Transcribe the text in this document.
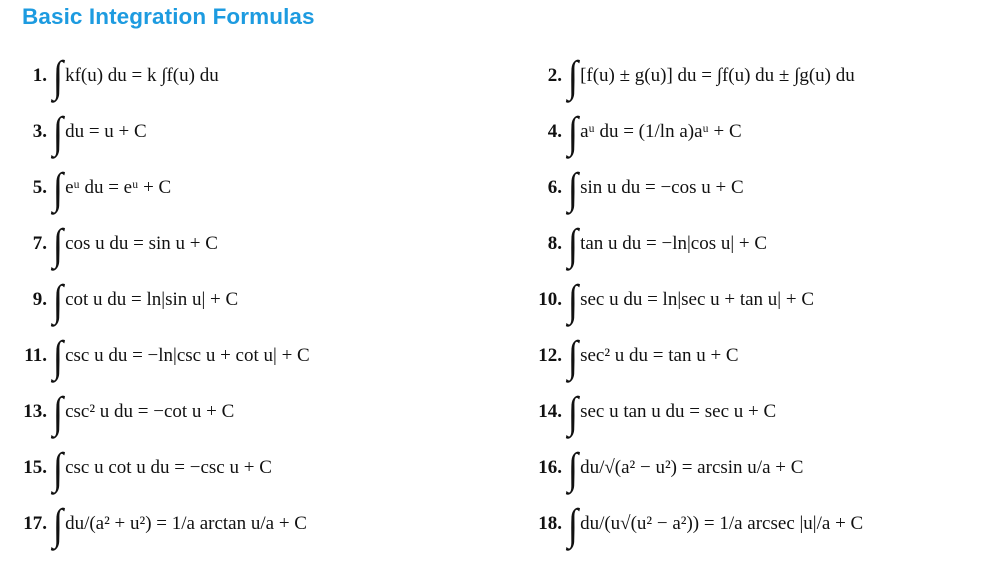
Basic Integration Formulas
1. ∫ kf(u) du = k ∫f(u) du	2. ∫ [f(u) ± g(u)] du = ∫f(u) du ± ∫g(u) du
3. ∫ du = u + C	4. ∫ aᵘ du = (1/ln a)aᵘ + C
5. ∫ eᵘ du = eᵘ + C	6. ∫ sin u du = −cos u + C
7. ∫ cos u du = sin u + C	8. ∫ tan u du = −ln|cos u| + C
9. ∫ cot u du = ln|sin u| + C	10. ∫ sec u du = ln|sec u + tan u| + C
11. ∫ csc u du = −ln|csc u + cot u| + C	12. ∫ sec² u du = tan u + C
13. ∫ csc² u du = −cot u + C	14. ∫ sec u tan u du = sec u + C
15. ∫ csc u cot u du = −csc u + C	16. ∫ du/√(a² − u²) = arcsin u/a + C
17. ∫ du/(a² + u²) = 1/a arctan u/a + C	18. ∫ du/(u√(u² − a²)) = 1/a arcsec |u|/a + C
